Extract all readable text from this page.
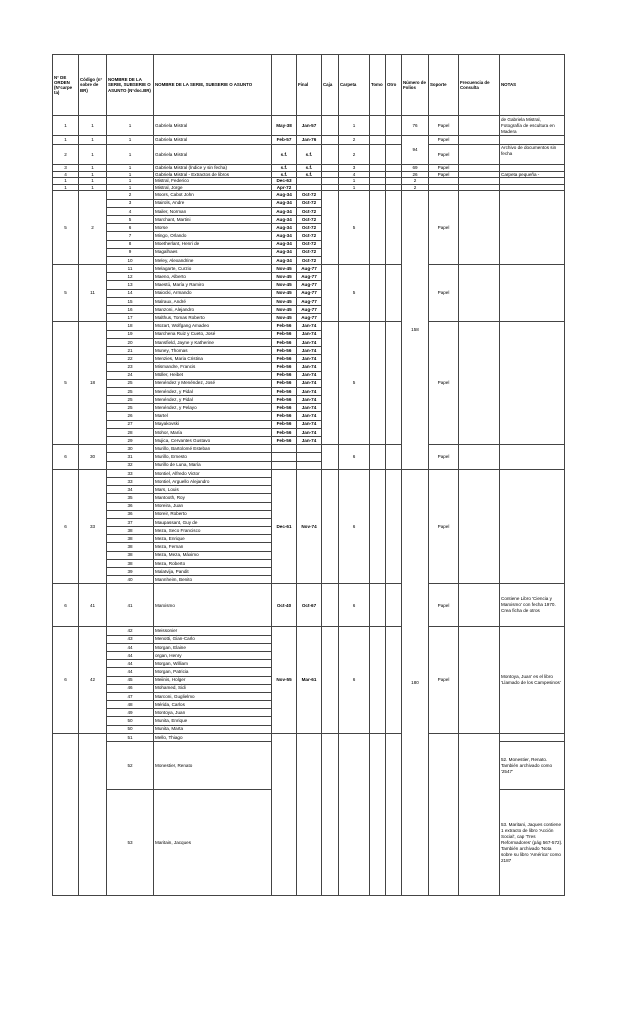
N° DE ORDEN (N°carpe ta)	Código (n° sobre de BR)	NOMBRE DE LA SERIE, SUBSERIE O ASUNTO (N°doc.BR)	NOMBRE DE LA SERIE, SUBSERIE O ASUNTO		Final	Caja	Carpeta	Tomo	Otro	Número de Folios	Soporte	Frecuencia de Consulta	NOTAS
1	1	1	Gabriela Mistral	May-38	Jan-57		1			76	Papel		de Gabriela Mistral, Fotografía de escultura en Madera
1	1	1	Gabriela Mistral	Feb-57	Jan-76		2			94	Papel		
2	1	1	Gabriela Mistral	s.f.	s.f.		2				Papel		Archivo de documentos sin fecha
3	1	1	Gabriela Mistral (Índice y sin fecha)	s.f.	s.f.		3			69	Papel		
4	1	1	Gabriela Mistral - Extractos de libros	s.f.	s.f.		4			26	Papel		Carpeta pequeña -
1	1	1	Mistral, Federico	Dec-63			1			2			
1	1	1	Mistral, Jorge	Apr-72			1			2			
5	2	2	Moors, Cabot John	Aug-34	Oct-72		5			158	Papel		
		3	Mairols, Andre	Aug-34	Oct-72								
		4	Mailer, Norman	Aug-34	Oct-72								
		5	Marchant, Martini	Aug-34	Oct-72								
		6	Morse	Aug-34	Oct-72								
		7	Mingo, Orlando	Aug-34	Oct-72								
		8	Moetherlant, Henri de	Aug-34	Oct-72								
		9	Magalhaes	Aug-34	Oct-72								
		10	Meley, Alexandrine	Aug-34	Oct-72								
5	11	11	Melagarte, Curzio	Nov-45	Aug-77		5				Papel		
		12	Maeno, Alberto	Nov-45	Aug-77								
		13	Maestú, María y Ramiro	Nov-45	Aug-77								
		14	Maiocki, Armando	Nov-45	Aug-77								
		15	Malraux, André	Nov-45	Aug-77								
		16	Manzoni, Alejandro	Nov-45	Aug-77								
		17	Malthus, Tomas Roberto	Nov-45	Aug-77								
5	18	18	Mozart, Wolfgang Amadeo	Feb-56	Jan-74		5				Papel		
		19	Marchena Ruiz y Cueto, José	Feb-56	Jan-74								
		20	Mansfield, Jayne y Katherine	Feb-56	Jan-74								
		21	Muney, Thomas	Feb-56	Jan-74								
		22	Menzies, Maria Cristina	Feb-56	Jan-74								
		23	Mismandre, Francis	Feb-56	Jan-74								
		24	Müller, Heibet	Feb-56	Jan-74								
		25	Menéndez y Menéndez, José	Feb-56	Jan-74								
		25	Menéndez, y Pidal	Feb-56	Jan-74								
		25	Menéndez, y Pidal	Feb-56	Jan-74								
		25	Menéndez, y Pelayo	Feb-56	Jan-74								
		26	Martel	Feb-56	Jan-74								
		27	Mayakovski	Feb-56	Jan-74								
		28	Mohor, María	Feb-56	Jan-74								
		29	Mujica, Cervantes Gustavo	Feb-56	Jan-74								
6	30	30	Murillo, Bartolomé Esteban				6				Papel		
		31	Murillo, Ernesto										
		32	Murillo de Luna, María										
6	33	33	Montiel, Alfredo Victor	Dec-61	Nov-74		6			180	Papel		
		33	Montiel, Arguello Alejandro										
		34	Mars, Louis										
		35	Mantooth, Roy										
		36	Moreira, Juan										
		36	Moreir, Roberto										
		37	Maupassant, Guy de										
		38	Meza, Seco Francisco										
		38	Meza, Enrique										
		38	Meza, Fernan										
		38	Meza, Meza, Máximo										
		38	Meza, Roberto										
		39	Malatvija, Pandit										
		40	Mannheim, Benito										
6	41	41	Marxismo	Oct-40	Oct-67		6				Papel		Contiene Libro 'Ciencia y Marxismo' con fecha 1970. Crea ficha de otros
6	42	42	Meissonier	Nov-55	Mar-61		6				Papel		Montoya, Juan' es el libro 'Llamado de los Campesinos'
		43	Menotti, Gian-Carlo										
		44	Morgan, Elaine										
		44	organ, Henry										
		44	Morgan, William										
		44	Morgan, Patricia										
		45	Meiinis, Holger										
		46	Mohamed, Sidi										
		47	Marconi, Guglielmo										
		48	Mérida, Carlos										
		49	Montoya, Juan										
		50	Munita, Enrique										
		50	Munita, Marta										
		51	Mello, Thiago										
		52	Monestier, Renato										52. Monestier, Renato. También archivado como '2547'
		53	Maritain, Jacques										53. Maritani, Jaques contiene 1 extracto de libro 'Acción Social', cap 'Tres Reformadores' (pág 567-572). También archivado 'Nota sobre su libro 'América' como 2187
